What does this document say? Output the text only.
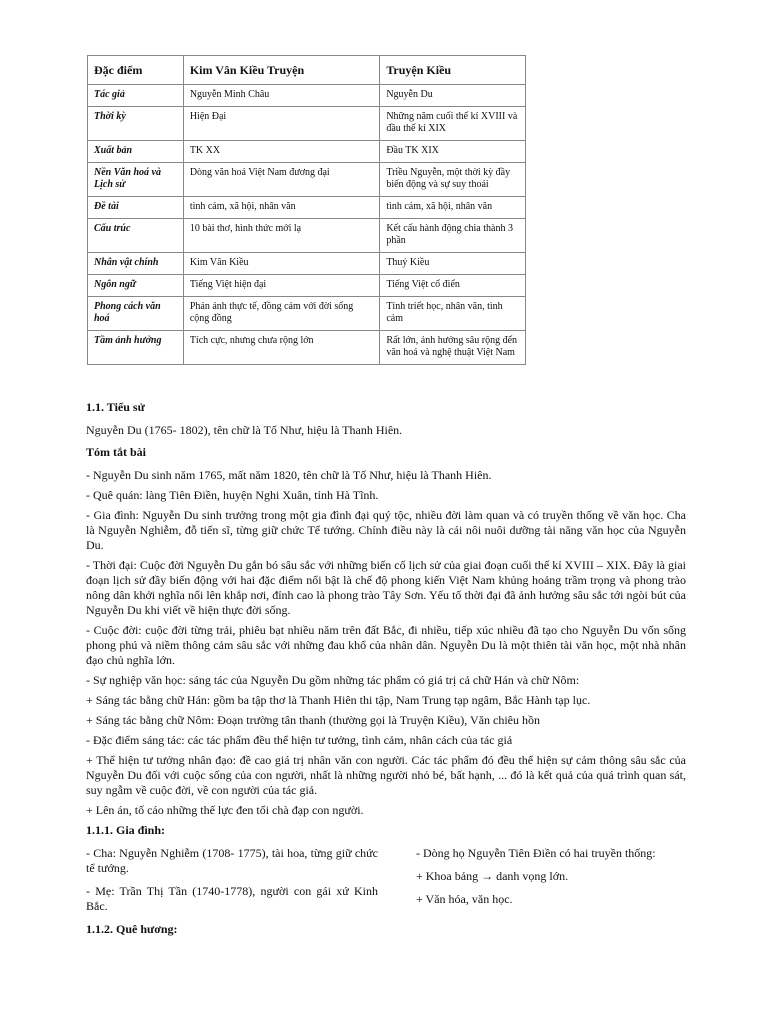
Đặc điểm	Kim Vân Kiều Truyện	Truyện Kiều
Tác giả	Nguyễn Minh Châu	Nguyễn Du
Thời kỳ	Hiện Đại	Những năm cuối thế kỉ XVIII và đầu thế kỉ XIX
Xuất bản	TK XX	Đầu TK XIX
Nền Văn hoá và Lịch sử	Dòng văn hoá Việt Nam đương đại	Triều Nguyễn, một thời kỳ đầy biến động và sự suy thoái
Đề tài	tình cảm, xã hội, nhân văn	tình cảm, xã hội, nhân văn
Cấu trúc	10 bài thơ, hình thức mới lạ	Kết cấu hành động chia thành 3 phần
Nhân vật chính	Kim Vân Kiều	Thuý Kiều
Ngôn ngữ	Tiếng Việt hiện đại	Tiếng Việt cổ điển
Phong cách văn hoá	Phản ánh thực tế, đồng cảm với đời sống cộng đồng	Tính triết học, nhân văn, tình cảm
Tầm ảnh hưởng	Tích cực, nhưng chưa rộng lớn	Rất lớn, ảnh hưởng sâu rộng đến văn hoá và nghệ thuật Việt Nam

1.1. Tiểu sử

Nguyễn Du (1765- 1802), tên chữ là Tố Như, hiệu là Thanh Hiên.

Tóm tắt bài

- Nguyễn Du sinh năm 1765, mất năm 1820, tên chữ là Tố Như, hiệu là Thanh Hiên.

- Quê quán: làng Tiên Điền, huyện Nghi Xuân, tỉnh Hà Tĩnh.

- Gia đình: Nguyễn Du sinh trưởng trong một gia đình đại quý tộc, nhiều đời làm quan và có truyền thống về văn học. Cha là Nguyễn Nghiễm, đỗ tiến sĩ, từng giữ chức Tể tướng. Chính điều này là cái nôi nuôi dưỡng tài năng văn học của Nguyễn Du.

- Thời đại: Cuộc đời Nguyễn Du gắn bó sâu sắc với những biến cố lịch sử của giai đoạn cuối thế kỉ XVIII – XIX. Đây là giai đoạn lịch sử đầy biến động với hai đặc điểm nổi bật là chế độ phong kiến Việt Nam khủng hoảng trầm trọng và phong trào nông dân khởi nghĩa nổi lên khắp nơi, đỉnh cao là phong trào Tây Sơn. Yếu tố thời đại đã ảnh hưởng sâu sắc tới ngòi bút của Nguyễn Du khi viết về hiện thực đời sống.

- Cuộc đời: cuộc đời từng trải, phiêu bạt nhiều năm trên đất Bắc, đi nhiều, tiếp xúc nhiều đã tạo cho Nguyễn Du vốn sống phong phú và niềm thông cảm sâu sắc với những đau khổ của nhân dân. Nguyễn Du là một thiên tài văn học, một nhà nhân đạo chủ nghĩa lớn.

- Sự nghiệp văn học: sáng tác của Nguyễn Du gồm những tác phẩm có giá trị cả chữ Hán và chữ Nôm:

+ Sáng tác bằng chữ Hán: gồm ba tập thơ là Thanh Hiên thi tập, Nam Trung tạp ngâm, Bắc Hành tạp lục.

+ Sáng tác bằng chữ Nôm: Đoạn trường tân thanh (thường gọi là Truyện Kiều), Văn chiêu hồn

- Đặc điểm sáng tác: các tác phẩm đều thể hiện tư tưởng, tình cảm, nhân cách của tác giả

+ Thể hiện tư tưởng nhân đạo: đề cao giá trị nhân văn con người. Các tác phẩm đó đều thể hiện sự cảm thông sâu sắc của Nguyễn Du đối với cuộc sống của con người, nhất là những người nhỏ bé, bất hạnh, ... đó là kết quả của quá trình quan sát, suy ngẫm về cuộc đời, về con người của tác giả.

+ Lên án, tố cáo những thế lực đen tối chà đạp con người.

1.1.1. Gia đình:

- Cha: Nguyễn Nghiễm (1708- 1775), tài hoa, từng giữ chức tể tướng.

- Mẹ: Trần Thị Tần (1740-1778), người con gái xứ Kinh Bắc.

- Dòng họ Nguyễn Tiên Điền có hai truyền thống:

+ Khoa bảng → danh vọng lớn.

+ Văn hóa, văn học.

1.1.2. Quê hương:
